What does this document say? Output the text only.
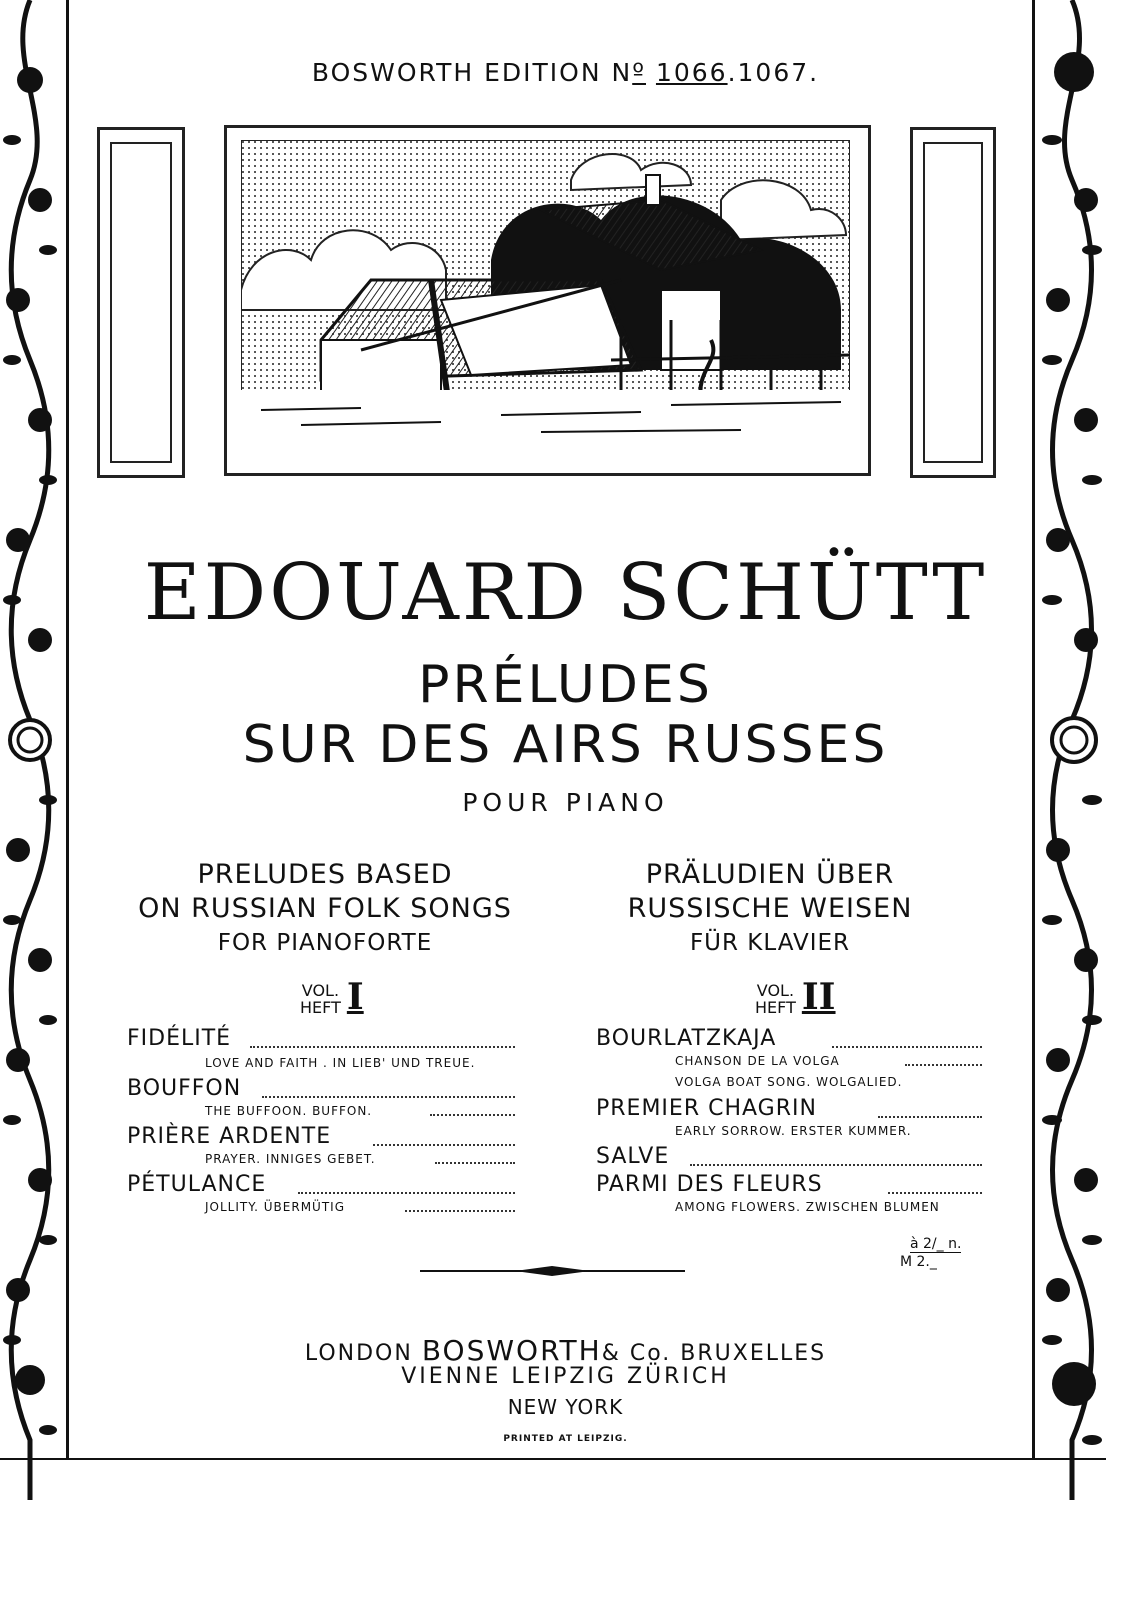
BOSWORTH EDITION Nº 1066.1067.
EDOUARD SCHÜTT
PRÉLUDES
SUR DES AIRS RUSSES
POUR PIANO
PRELUDES BASED
ON RUSSIAN FOLK SONGS
FOR PIANOFORTE
PRÄLUDIEN ÜBER
RUSSISCHE WEISEN
FÜR KLAVIER
VOL.
HEFT I	VOL.
HEFT II
FIDÉLITÉ
LOVE AND FAITH . IN LIEB' UND TREUE.
BOUFFON
THE BUFFOON. BUFFON.
PRIÈRE ARDENTE
PRAYER. INNIGES GEBET.
PÉTULANCE
JOLLITY. ÜBERMÜTIG
BOURLATZKAJA
CHANSON DE LA VOLGA
VOLGA BOAT SONG. WOLGALIED.
PREMIER CHAGRIN
EARLY SORROW. ERSTER KUMMER.
SALVE
PARMI DES FLEURS
AMONG FLOWERS. ZWISCHEN BLUMEN
à 2/_ n.
M 2._
LONDON BOSWORTH& Co. BRUXELLES
VIENNE LEIPZIG ZÜRICH
NEW YORK
PRINTED AT LEIPZIG.
